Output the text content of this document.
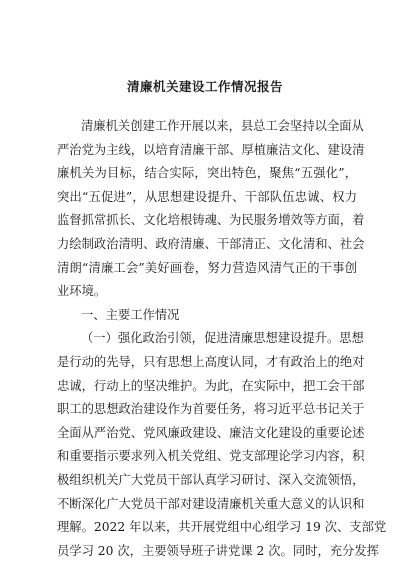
清廉机关建设工作情况报告
清廉机关创建工作开展以来，县总工会坚持以全面从
严治党为主线，以培育清廉干部、厚植廉洁文化、建设清
廉机关为目标，结合实际，突出特色，聚焦“五强化”，
突出“五促进”，从思想建设提升、干部队伍忠诚、权力
监督抓常抓长、文化培根铸魂、为民服务增效等方面，着
力绘制政治清明、政府清廉、干部清正、文化清和、社会
清朗“清廉工会”美好画卷，努力营造风清气正的干事创
业环境。
一、主要工作情况
（一）强化政治引领，促进清廉思想建设提升。思想
是行动的先导，只有思想上高度认同，才有政治上的绝对
忠诚，行动上的坚决维护。为此，在实际中，把工会干部
职工的思想政治建设作为首要任务，将习近平总书记关于
全面从严治党、党风廉政建设、廉洁文化建设的重要论述
和重要指示要求列入机关党组、党支部理论学习内容，积
极组织机关广大党员干部认真学习研讨、深入交流领悟，
不断深化广大党员干部对建设清廉机关重大意义的认识和
理解。2022 年以来，共开展党组中心组学习 19 次、支部党
员学习 20 次，主要领导班子讲党课 2 次。同时，充分发挥
